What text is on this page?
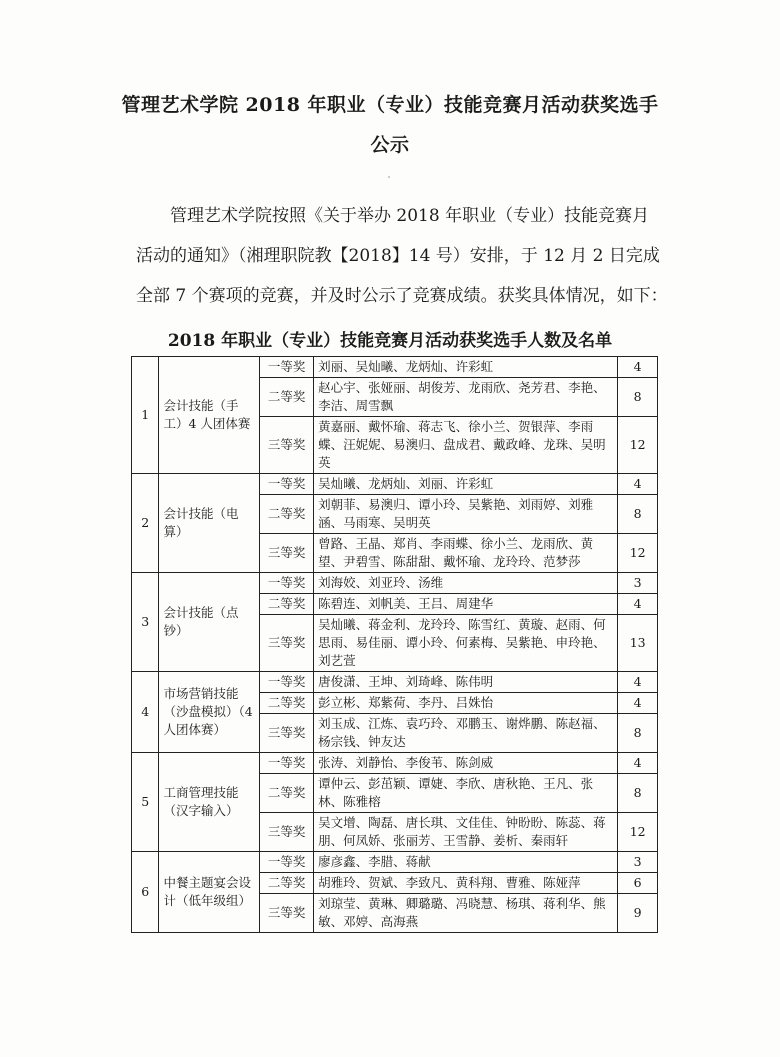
管理艺术学院 2018 年职业（专业）技能竞赛月活动获奖选手
公示
管理艺术学院按照《关于举办 2018 年职业（专业）技能竞赛月
活动的通知》（湘理职院教【2018】14 号）安排，于 12 月 2 日完成
全部 7 个赛项的竞赛，并及时公示了竞赛成绩。获奖具体情况，如下：
2018 年职业（专业）技能竞赛月活动获奖选手人数及名单
1	会计技能（手工）4 人团体赛	一等奖	刘丽、吴灿曦、龙炳灿、许彩虹	4
		二等奖	赵心宇、张娅丽、胡俊芳、龙雨欣、尧芳君、李艳、李洁、周雪飘	8
		三等奖	黄嘉丽、戴怀瑜、蒋志飞、徐小兰、贺银萍、李雨蝶、汪妮妮、易澳归、盘成君、戴政峰、龙珠、吴明英	12
2	会计技能（电算）	一等奖	吴灿曦、龙炳灿、刘丽、许彩虹	4
		二等奖	刘朝菲、易澳归、谭小玲、吴紫艳、刘雨婷、刘雅涵、马雨寒、吴明英	8
		三等奖	曾路、王晶、郑肖、李雨蝶、徐小兰、龙雨欣、黄望、尹碧雪、陈甜甜、戴怀瑜、龙玲玲、范梦莎	12
3	会计技能（点钞）	一等奖	刘海姣、刘亚玲、汤维	3
		二等奖	陈碧连、刘帆美、王吕、周建华	4
		三等奖	吴灿曦、蒋金利、龙玲玲、陈雪红、黄璇、赵雨、何思雨、易佳丽、谭小玲、何素梅、吴紫艳、申玲艳、刘艺萱	13
4	市场营销技能（沙盘模拟）（4 人团体赛）	一等奖	唐俊潇、王坤、刘琦峰、陈伟明	4
		二等奖	彭立彬、郑紫荷、李丹、吕姝怡	4
		三等奖	刘玉成、江炼、袁巧玲、邓鹏玉、谢烨鹏、陈赵福、杨宗钱、钟友达	8
5	工商管理技能（汉字输入）	一等奖	张涛、刘静怡、李俊苇、陈剑威	4
		二等奖	谭仲云、彭茁颖、谭婕、李欣、唐秋艳、王凡、张林、陈雅榕	8
		三等奖	吴文增、陶磊、唐长琪、文佳佳、钟盼盼、陈蕊、蒋朋、何凤娇、张丽芳、王雪静、姜析、秦雨轩	12
6	中餐主题宴会设计（低年级组）	一等奖	廖彦鑫、李腊、蒋献	3
		二等奖	胡雅玲、贺斌、李致凡、黄科翔、曹雅、陈娅萍	6
		三等奖	刘琼莹、黄琳、卿璐璐、冯晓慧、杨琪、蒋利华、熊敏、邓婷、高海燕	9
